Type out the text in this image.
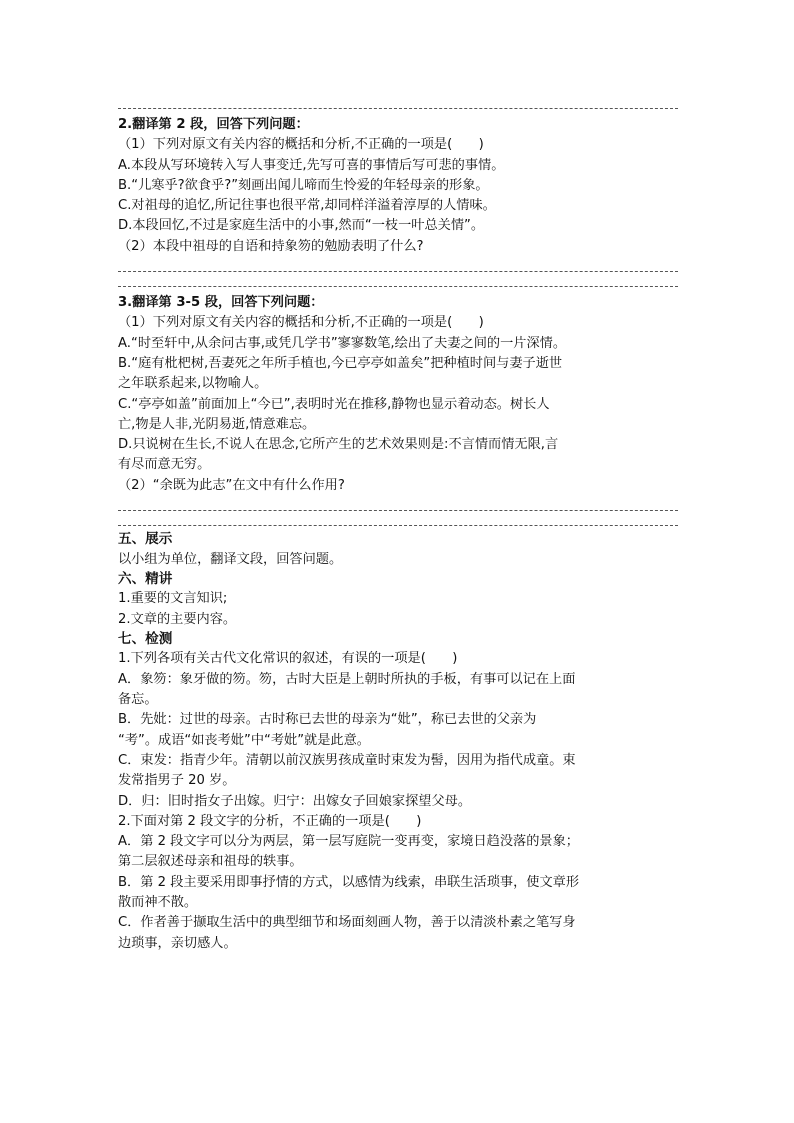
2.翻译第 2 段，回答下列问题：

（1）下列对原文有关内容的概括和分析,不正确的一项是(　　)

A.本段从写环境转入写人事变迁,先写可喜的事情后写可悲的事情。

B.“儿寒乎?欲食乎?”刻画出闻儿啼而生怜爱的年轻母亲的形象。

C.对祖母的追忆,所记往事也很平常,却同样洋溢着淳厚的人情味。

D.本段回忆,不过是家庭生活中的小事,然而“一枝一叶总关情”。

（2）本段中祖母的自语和持象笏的勉励表明了什么?

3.翻译第 3-5 段，回答下列问题：

（1）下列对原文有关内容的概括和分析,不正确的一项是(　　)

A.“时至轩中,从余问古事,或凭几学书”寥寥数笔,绘出了夫妻之间的一片深情。

B.“庭有枇杷树,吾妻死之年所手植也,今已亭亭如盖矣”把种植时间与妻子逝世

之年联系起来,以物喻人。

C.“亭亭如盖”前面加上“今已”,表明时光在推移,静物也显示着动态。树长人

亡,物是人非,光阴易逝,情意难忘。

D.只说树在生长,不说人在思念,它所产生的艺术效果则是:不言情而情无限,言

有尽而意无穷。

（2）“余既为此志”在文中有什么作用?

五、展示

以小组为单位，翻译文段，回答问题。

六、精讲

1.重要的文言知识;

2.文章的主要内容。

七、检测

1.下列各项有关古代文化常识的叙述，有误的一项是(　　)

A．象笏：象牙做的笏。笏，古时大臣是上朝时所执的手板，有事可以记在上面

备忘。

B．先妣：过世的母亲。古时称已去世的母亲为“妣”，称已去世的父亲为

“考”。成语“如丧考妣”中“考妣”就是此意。

C．束发：指青少年。清朝以前汉族男孩成童时束发为髻，因用为指代成童。束

发常指男子 20 岁。

D．归：旧时指女子出嫁。归宁：出嫁女子回娘家探望父母。

2.下面对第 2 段文字的分析，不正确的一项是(　　)

A．第 2 段文字可以分为两层，第一层写庭院一变再变，家境日趋没落的景象；

第二层叙述母亲和祖母的轶事。

B．第 2 段主要采用即事抒情的方式，以感情为线索，串联生活琐事，使文章形

散而神不散。

C．作者善于撷取生活中的典型细节和场面刻画人物，善于以清淡朴素之笔写身

边琐事，亲切感人。
